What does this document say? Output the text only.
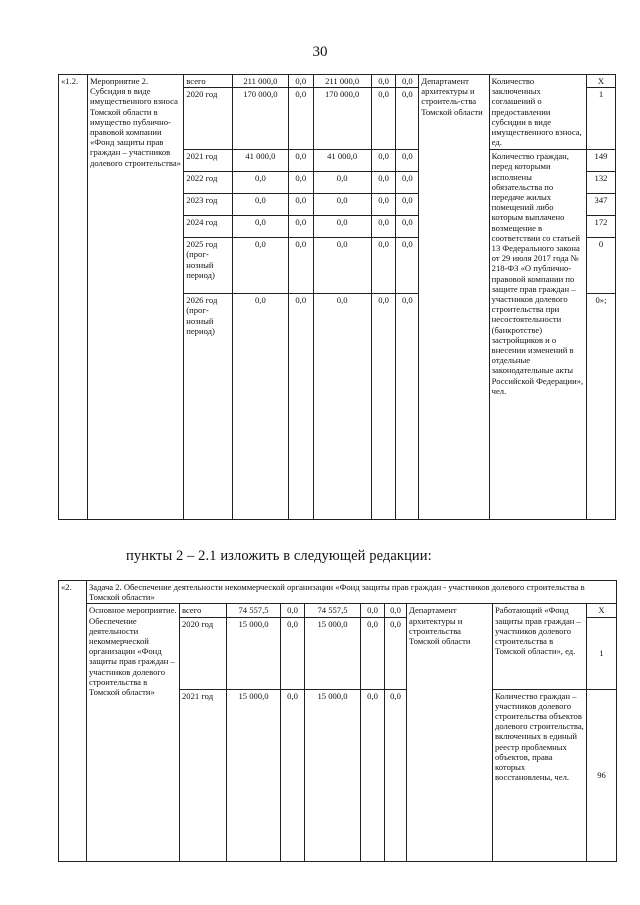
30
«1.2.	Мероприятие 2. Субсидия в виде имущественного взноса Томской области в имущество публично-правовой компании «Фонд защиты прав граждан – участников долевого строительства»	всего	211 000,0	0,0	211 000,0	0,0	0,0	Департамент архитектуры и строитель-ства Томской области	Количество заключенных соглашений о предоставлении субсидии в виде имущественного взноса, ед.	X
		2020 год	170 000,0	0,0	170 000,0	0,0	0,0			1
		2021 год	41 000,0	0,0	41 000,0	0,0	0,0		Количество граждан, перед которыми исполнены обязательства по передаче жилых помещений либо которым выплачено возмещение в соответствии со статьей 13 Федерального закона от 29 июля 2017 года № 218-ФЗ «О публично-правовой компании по защите прав граждан – участников долевого строительства при несостоятельности (банкротстве) застройщиков и о внесении изменений в отдельные законодательные акты Российской Федерации», чел.	149
		2022 год	0,0	0,0	0,0	0,0	0,0			132
		2023 год	0,0	0,0	0,0	0,0	0,0			347
		2024 год	0,0	0,0	0,0	0,0	0,0			172
		2025 год (прог-нозный период)	0,0	0,0	0,0	0,0	0,0			0
		2026 год (прог-нозный период)	0,0	0,0	0,0	0,0	0,0			0»;
пункты 2 – 2.1 изложить в следующей редакции:
«2.	Задача 2. Обеспечение деятельности некоммерческой организации «Фонд защиты прав граждан - участников долевого строительства в Томской области»									
	Основное мероприятие. Обеспечение деятельности некоммерческой организации «Фонд защиты прав граждан – участников долевого строительства в Томской области»	всего	74 557,5	0,0	74 557,5	0,0	0,0	Департамент архитектуры и строительства Томской области	Работающий «Фонд защиты прав граждан – участников долевого строительства в Томской области», ед.	X
		2020 год	15 000,0	0,0	15 000,0	0,0	0,0			1
		2021 год	15 000,0	0,0	15 000,0	0,0	0,0		Количество граждан – участников долевого строительства объектов долевого строительства, включенных в единый реестр проблемных объектов, права которых восстановлены, чел.	96
